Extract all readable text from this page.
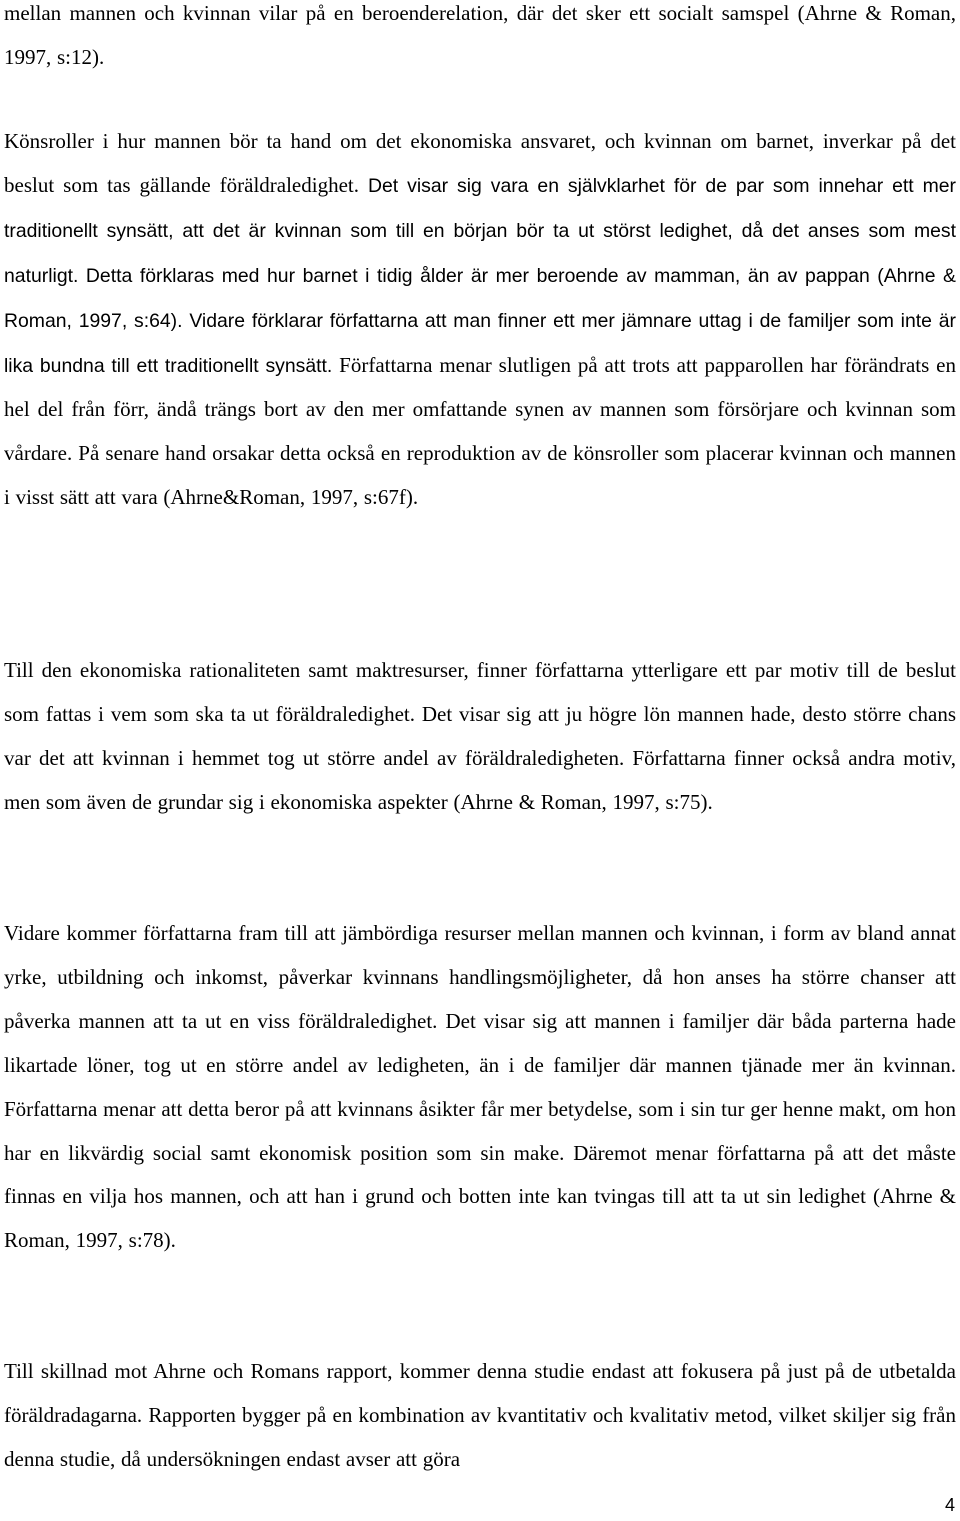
mellan mannen och kvinnan vilar på en beroenderelation, där det sker ett socialt samspel (Ahrne & Roman, 1997, s:12).

Könsroller i hur mannen bör ta hand om det ekonomiska ansvaret, och kvinnan om barnet, inverkar på det beslut som tas gällande föräldraledighet. Det visar sig vara en självklarhet för de par som innehar ett mer traditionellt synsätt, att det är kvinnan som till en början bör ta ut störst ledighet, då det anses som mest naturligt. Detta förklaras med hur barnet i tidig ålder är mer beroende av mamman, än av pappan (Ahrne & Roman, 1997, s:64). Vidare förklarar författarna att man finner ett mer jämnare uttag i de familjer som inte är lika bundna till ett traditionellt synsätt. Författarna menar slutligen på att trots att papparollen har förändrats en hel del från förr, ändå trängs bort av den mer omfattande synen av mannen som försörjare och kvinnan som vårdare. På senare hand orsakar detta också en reproduktion av de könsroller som placerar kvinnan och mannen i visst sätt att vara (Ahrne&Roman, 1997, s:67f).

Till den ekonomiska rationaliteten samt maktresurser, finner författarna ytterligare ett par motiv till de beslut som fattas i vem som ska ta ut föräldraledighet. Det visar sig att ju högre lön mannen hade, desto större chans var det att kvinnan i hemmet tog ut större andel av föräldraledigheten. Författarna finner också andra motiv, men som även de grundar sig i ekonomiska aspekter (Ahrne & Roman, 1997, s:75).

Vidare kommer författarna fram till att jämbördiga resurser mellan mannen och kvinnan, i form av bland annat yrke, utbildning och inkomst, påverkar kvinnans handlingsmöjligheter, då hon anses ha större chanser att påverka mannen att ta ut en viss föräldraledighet. Det visar sig att mannen i familjer där båda parterna hade likartade löner, tog ut en större andel av ledigheten, än i de familjer där mannen tjänade mer än kvinnan. Författarna menar att detta beror på att kvinnans åsikter får mer betydelse, som i sin tur ger henne makt, om hon har en likvärdig social samt ekonomisk position som sin make. Däremot menar författarna på att det måste finnas en vilja hos mannen, och att han i grund och botten inte kan tvingas till att ta ut sin ledighet (Ahrne & Roman, 1997, s:78).

Till skillnad mot Ahrne och Romans rapport, kommer denna studie endast att fokusera på just på de utbetalda föräldradagarna. Rapporten bygger på en kombination av kvantitativ och kvalitativ metod, vilket skiljer sig från denna studie, då undersökningen endast avser att göra

4
